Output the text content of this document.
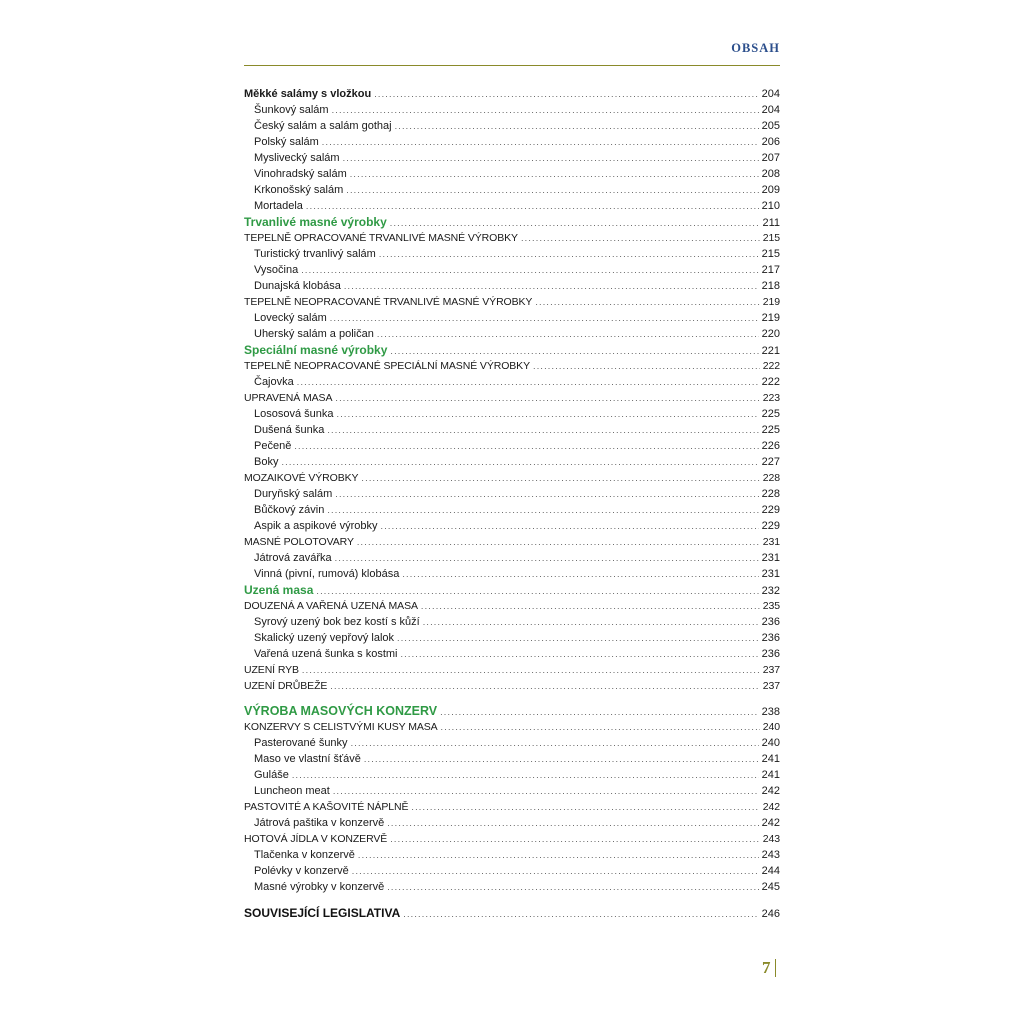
OBSAH
Měkké salámy s vložkou .....	204
Šunkový salám .....	204
Český salám a salám gothaj .....	205
Polský salám .....	206
Myslivecký salám .....	207
Vinohradský salám .....	208
Krkonošský salám .....	209
Mortadela .....	210
Trvanlivé masné výrobky .....	211
TEPELNĚ OPRACOVANÉ TRVANLIVÉ MASNÉ VÝROBKY .....	215
Turistický trvanlivý salám .....	215
Vysočina .....	217
Dunajská klobása .....	218
TEPELNĚ NEOPRACOVANÉ TRVANLIVÉ MASNÉ VÝROBKY .....	219
Lovecký salám .....	219
Uherský salám a poličan .....	220
Speciální masné výrobky .....	221
TEPELNĚ NEOPRACOVANÉ SPECIÁLNÍ MASNÉ VÝROBKY .....	222
Čajovka .....	222
UPRAVENÁ MASA .....	223
Lososová šunka .....	225
Dušená šunka .....	225
Pečeně .....	226
Boky .....	227
MOZAIKOVÉ VÝROBKY .....	228
Duryňský salám .....	228
Bůčkový závin .....	229
Aspik a aspikové výrobky .....	229
MASNÉ POLOTOVARY .....	231
Játrová zavářka .....	231
Vinná (pivní, rumová) klobása .....	231
Uzená masa .....	232
DOUZENÁ A VAŘENÁ UZENÁ MASA .....	235
Syrový uzený bok bez kostí s kůží .....	236
Skalický uzený vepřový lalok .....	236
Vařená uzená šunka s kostmi .....	236
UZENÍ RYB .....	237
UZENÍ DRŮBEŽE .....	237
VÝROBA MASOVÝCH KONZERV .....	238
KONZERVY S CELISTVÝMI KUSY MASA .....	240
Pasterované šunky .....	240
Maso ve vlastní šťávě .....	241
Guláše .....	241
Luncheon meat .....	242
PASTOVITÉ A KAŠOVITÉ NÁPLNĚ .....	242
Játrová paštika v konzervě .....	242
HOTOVÁ JÍDLA V KONZERVĚ .....	243
Tlačenka v konzervě .....	243
Polévky v konzervě .....	244
Masné výrobky v konzervě .....	245
SOUVISEJÍCÍ LEGISLATIVA .....	246
7
